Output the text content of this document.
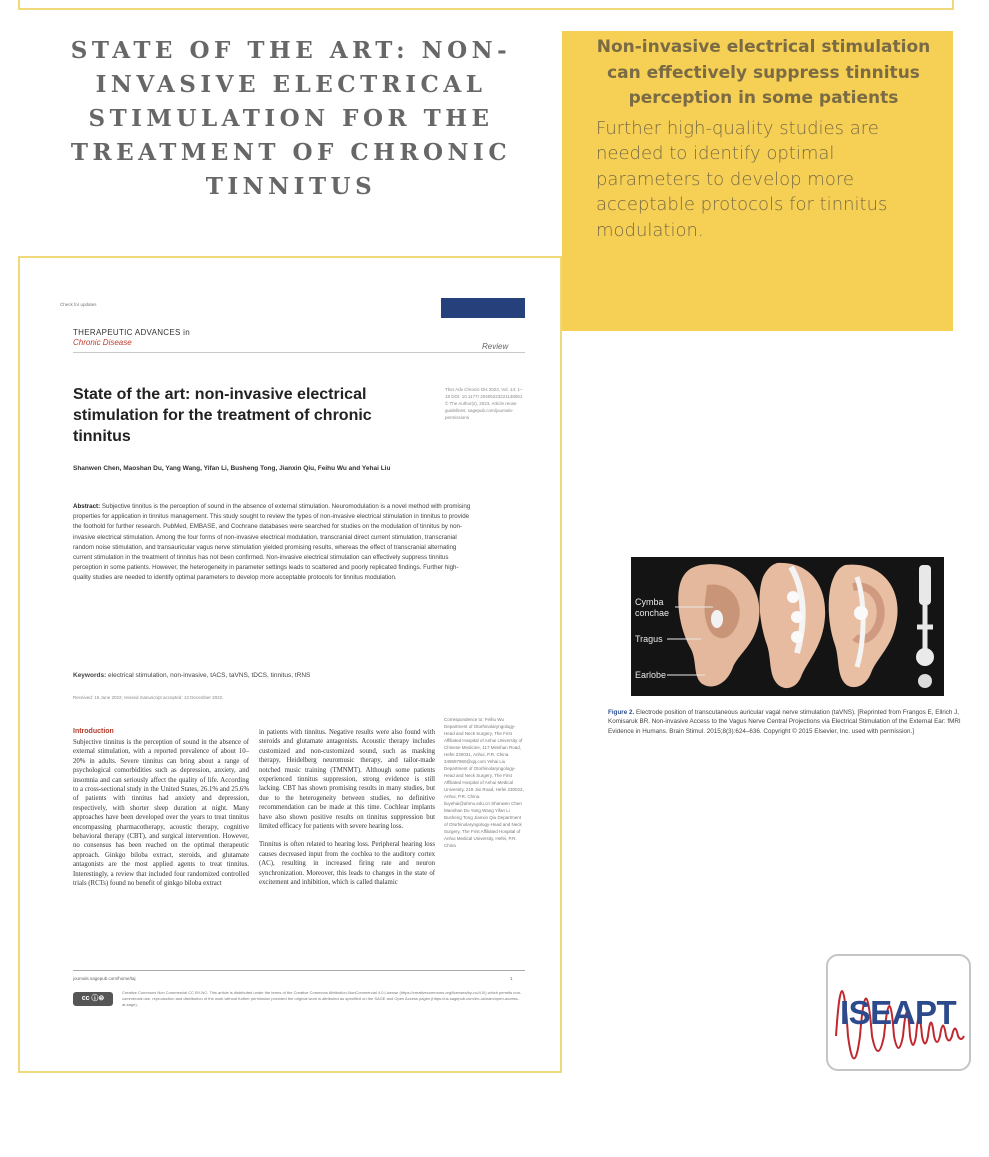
STATE OF THE ART: NON-INVASIVE ELECTRICAL STIMULATION FOR THE TREATMENT OF CHRONIC TINNITUS

Non-invasive electrical stimulation can effectively suppress tinnitus perception in some patients

Further high-quality studies are needed to identify optimal parameters to develop more acceptable protocols for tinnitus modulation.

Check for updates
THERAPEUTIC ADVANCES in
Chronic Disease	Review
State of the art: non-invasive electrical stimulation for the treatment of chronic tinnitus
Ther Adv Chronic Dis 2023, Vol. 14: 1–18 DOI: 10.1177/ 20406223221148061 © The Author(s), 2023. Article reuse guidelines: sagepub.com/journals-permissions
Shanwen Chen, Maoshan Du, Yang Wang, Yifan Li, Busheng Tong, Jianxin Qiu, Feihu Wu and Yehai Liu
Abstract: Subjective tinnitus is the perception of sound in the absence of external stimulation. Neuromodulation is a novel method with promising properties for application in tinnitus management. This study sought to review the types of non-invasive electrical stimulation in tinnitus to provide the foothold for further research. PubMed, EMBASE, and Cochrane databases were searched for studies on the modulation of tinnitus by non-invasive electrical stimulation. Among the four forms of non-invasive electrical modulation, transcranial direct current stimulation, transcranial random noise stimulation, and transauricular vagus nerve stimulation yielded promising results, whereas the effect of transcranial alternating current stimulation in the treatment of tinnitus has not been confirmed. Non-invasive electrical stimulation can effectively suppress tinnitus perception in some patients. However, the heterogeneity in parameter settings leads to scattered and poorly replicated findings. Further high-quality studies are needed to identify optimal parameters to develop more acceptable protocols for tinnitus modulation.
Keywords: electrical stimulation, non-invasive, tACS, taVNS, tDCS, tinnitus, tRNS
Received: 15 June 2022; revised manuscript accepted: 13 December 2022.
Introduction
Subjective tinnitus is the perception of sound in the absence of external stimulation, with a reported prevalence of about 10–20% in adults. Severe tinnitus can bring about a range of psychological comorbidities such as depression, anxiety, and insomnia and can seriously affect the quality of life. According to a cross-sectional study in the United States, 26.1% and 25.6% of patients with tinnitus had anxiety and depression, respectively, with shorter sleep duration at night. Many approaches have been developed over the years to treat tinnitus encompassing pharmacotherapy, acoustic therapy, cognitive behavioral therapy (CBT), and surgical intervention. However, no consensus has been reached on the optimal therapeutic approach. Ginkgo biloba extract, steroids, and glutamate antagonists are the most applied agents to treat tinnitus. Interestingly, a review that included four randomized controlled trials (RCTs) found no benefit of ginkgo biloba extract

in patients with tinnitus. Negative results were also found with steroids and glutamate antagonists. Acoustic therapy includes customized and non-customized sound, such as masking therapy, Heidelberg neuromusic therapy, and tailor-made notched music training (TMNMT). Although some patients experienced tinnitus suppression, strong evidence is still lacking. CBT has shown promising results in many studies, but due to the heterogeneity between studies, no definitive recommendation can be made at this time. Cochlear implants have also shown positive results on tinnitus suppression but limited efficacy for patients with severe hearing loss.

Tinnitus is often related to hearing loss. Peripheral hearing loss causes decreased input from the cochlea to the auditory cortex (AC), resulting in increased firing rate and neuron synchronization. Moreover, this leads to changes in the state of excitement and inhibition, which is called thalamic

Correspondence to: Feihu Wu Department of Otorhinolaryngology-Head and Neck Surgery, The First Affiliated Hospital of Anhui University of Chinese Medicine, 117 Meishan Road, Hefei 230031, Anhui, P.R. China. 349697960@qq.com Yehai Liu Department of Otorhinolaryngology-Head and Neck Surgery, The First Affiliated Hospital of Anhui Medical University, 218 Jixi Road, Hefei 230022, Anhui, P.R. China. liuyehai@ahmu.edu.cn Shanwen Chen Maoshan Du Yang Wang Yifan Li Busheng Tong Jianxin Qiu Department of Otorhinolaryngology-Head and Neck Surgery, The First Affiliated Hospital of Anhui Medical University, Hefei, P.R. China
journals.sagepub.com/home/taj	1
cc ⓘ⊜
Creative Commons Non Commercial CC BY-NC: This article is distributed under the terms of the Creative Commons Attribution-NonCommercial 4.0 License (https://creativecommons.org/licenses/by-nc/4.0/) which permits non-commercial use, reproduction and distribution of the work without further permission provided the original work is attributed as specified on the SAGE and Open Access pages (https://us.sagepub.com/en-us/nam/open-access-at-sage).
Cymba conchae
Tragus
Earlobe
Figure 2. Electrode position of transcutaneous auricular vagal nerve stimulation (taVNS). [Reprinted from Frangos E, Ellrich J, Komisaruk BR. Non-invasive Access to the Vagus Nerve Central Projections via Electrical Stimulation of the External Ear: fMRI Evidence in Humans. Brain Stimul. 2015;8(3):624–636. Copyright © 2015 Elsevier, Inc. used with permission.]
ISEAPT
